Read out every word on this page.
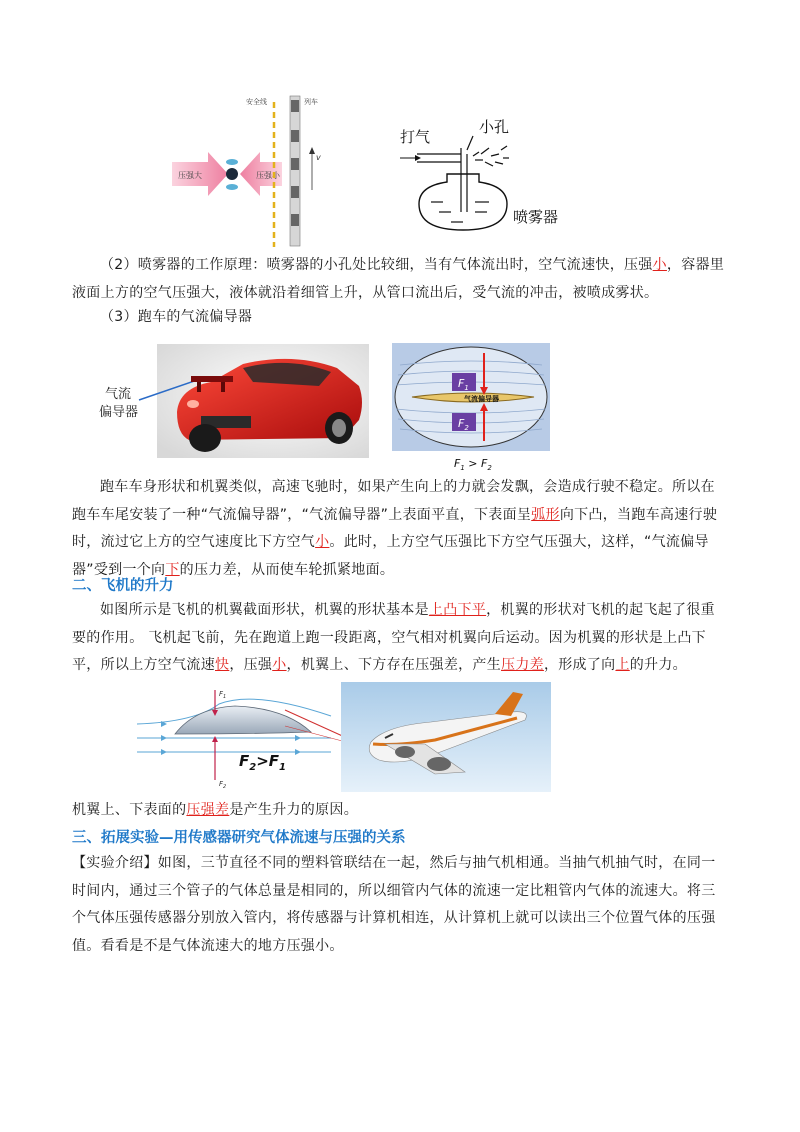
压强大	压强小
安全线
v
列车
打气
小孔
喷雾器
（2）喷雾器的工作原理：喷雾器的小孔处比较细，当有气体流出时，空气流速快，压强小，容器里液面上方的空气压强大，液体就沿着细管上升，从管口流出后，受气流的冲击，被喷成雾状。
（3）跑车的气流偏导器
气流
偏导器
气流偏导器
$F_1$
$F_2$
$F_1 > F_2$
跑车车身形状和机翼类似，高速飞驰时，如果产生向上的力就会发飘，会造成行驶不稳定。所以在跑车车尾安装了一种“气流偏导器”，“气流偏导器”上表面平直，下表面呈弧形向下凸，当跑车高速行驶时，流过它上方的空气速度比下方空气小。此时，上方空气压强比下方空气压强大，这样，“气流偏导器”受到一个向下的压力差，从而使车轮抓紧地面。
二、飞机的升力
如图所示是飞机的机翼截面形状，机翼的形状基本是上凸下平，机翼的形状对飞机的起飞起了很重要的作用。 飞机起飞前，先在跑道上跑一段距离，空气相对机翼向后运动。因为机翼的形状是上凸下平，所以上方空气流速快，压强小，机翼上、下方存在压强差，产生压力差，形成了向上的升力。
$F_1$
$F_2$
$F_2>F_1$
机翼上、下表面的压强差是产生升力的原因。
三、拓展实验—用传感器研究气体流速与压强的关系
【实验介绍】如图，三节直径不同的塑料管联结在一起，然后与抽气机相通。当抽气机抽气时，在同一时间内，通过三个管子的气体总量是相同的，所以细管内气体的流速一定比粗管内气体的流速大。将三个气体压强传感器分别放入管内，将传感器与计算机相连，从计算机上就可以读出三个位置气体的压强值。看看是不是气体流速大的地方压强小。
